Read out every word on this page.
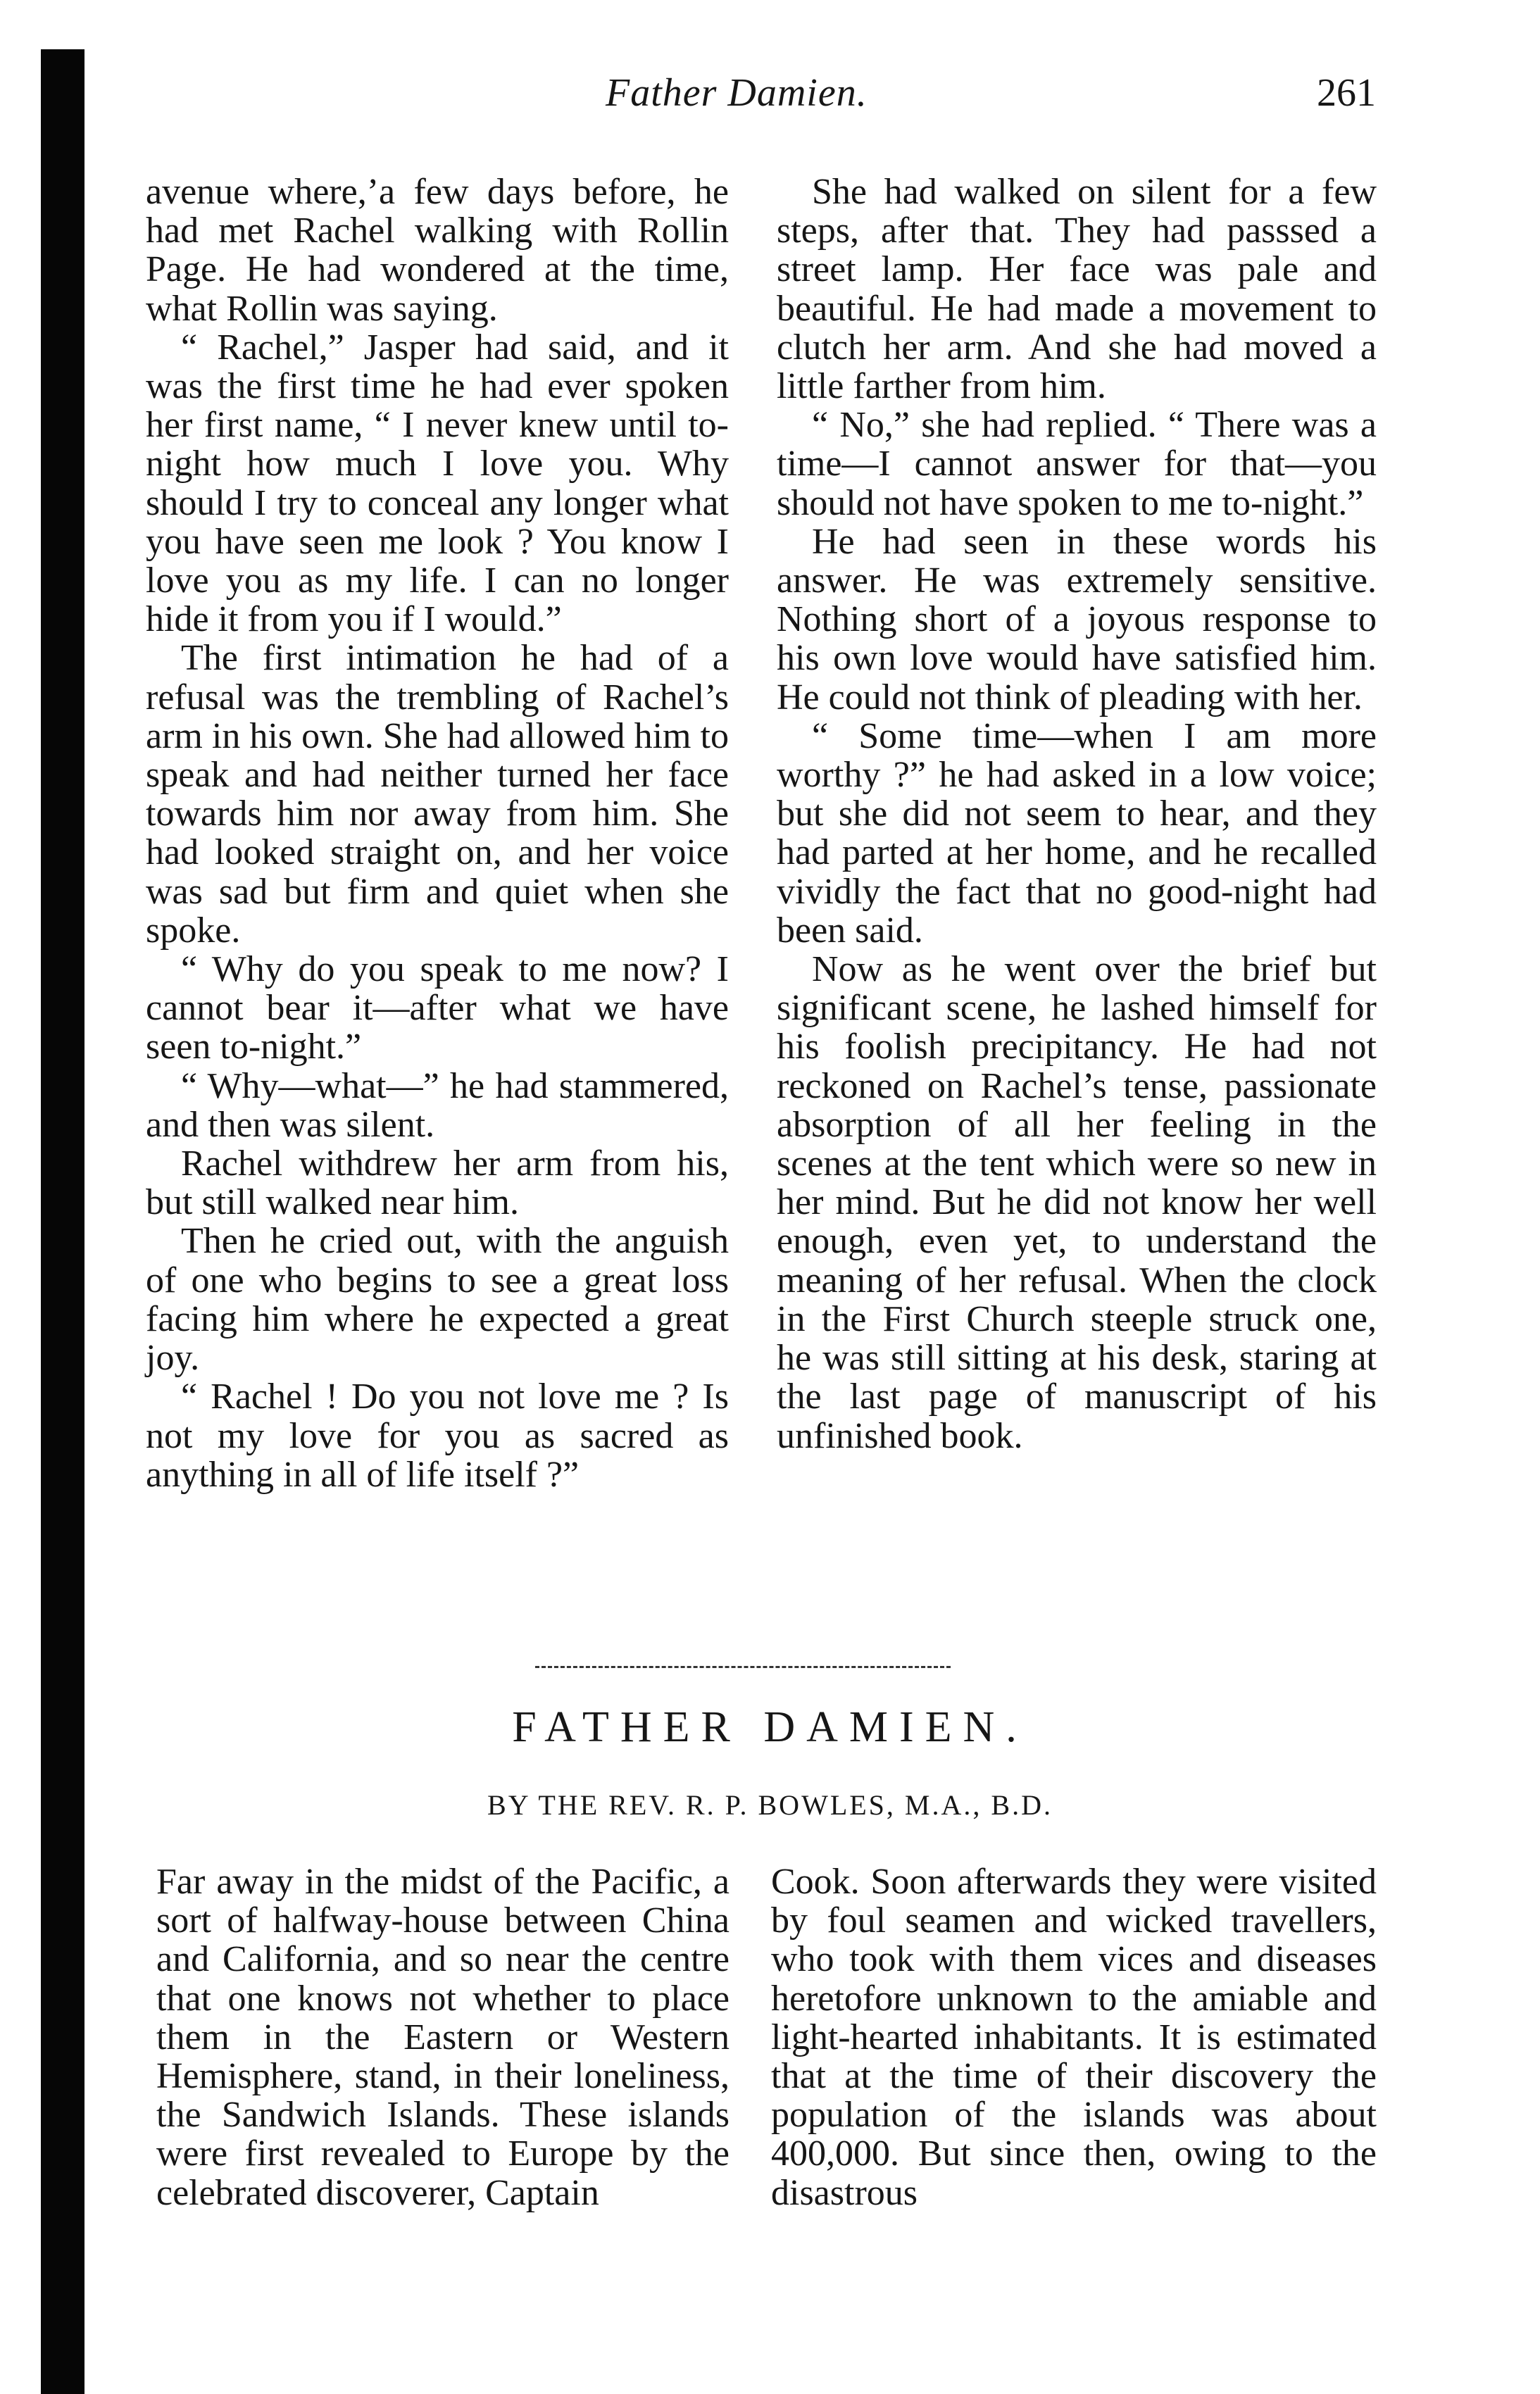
Father Damien.	261

avenue where,’a few days before, he had met Rachel walking with Rollin Page. He had wondered at the time, what Rollin was saying.

“ Rachel,” Jasper had said, and it was the first time he had ever spoken her first name, “ I never knew until to-night how much I love you. Why should I try to conceal any longer what you have seen me look ? You know I love you as my life. I can no longer hide it from you if I would.”

The first intimation he had of a refusal was the trembling of Rachel’s arm in his own. She had allowed him to speak and had neither turned her face towards him nor away from him. She had looked straight on, and her voice was sad but firm and quiet when she spoke.

“ Why do you speak to me now? I cannot bear it—after what we have seen to-night.”

“ Why—what—” he had stammered, and then was silent.

Rachel withdrew her arm from his, but still walked near him.

Then he cried out, with the anguish of one who begins to see a great loss facing him where he expected a great joy.

“ Rachel ! Do you not love me ? Is not my love for you as sacred as anything in all of life itself ?”

She had walked on silent for a few steps, after that. They had passsed a street lamp. Her face was pale and beautiful. He had made a movement to clutch her arm. And she had moved a little farther from him.

“ No,” she had replied. “ There was a time—I cannot answer for that—you should not have spoken to me to-night.”

He had seen in these words his answer. He was extremely sensitive. Nothing short of a joyous response to his own love would have satisfied him. He could not think of pleading with her.

“ Some time—when I am more worthy ?” he had asked in a low voice; but she did not seem to hear, and they had parted at her home, and he recalled vividly the fact that no good-night had been said.

Now as he went over the brief but significant scene, he lashed himself for his foolish precipitancy. He had not reckoned on Rachel’s tense, passionate absorption of all her feeling in the scenes at the tent which were so new in her mind. But he did not know her well enough, even yet, to understand the meaning of her refusal. When the clock in the First Church steeple struck one, he was still sitting at his desk, staring at the last page of manuscript of his unfinished book.

FATHER DAMIEN.
BY THE REV. R. P. BOWLES, M.A., B.D.

Far away in the midst of the Pacific, a sort of halfway-house between China and California, and so near the centre that one knows not whether to place them in the Eastern or Western Hemisphere, stand, in their loneliness, the Sandwich Islands. These islands were first revealed to Europe by the celebrated discoverer, Captain

Cook. Soon afterwards they were visited by foul seamen and wicked travellers, who took with them vices and diseases heretofore unknown to the amiable and light-hearted inhabitants. It is estimated that at the time of their discovery the population of the islands was about 400,000. But since then, owing to the disastrous
